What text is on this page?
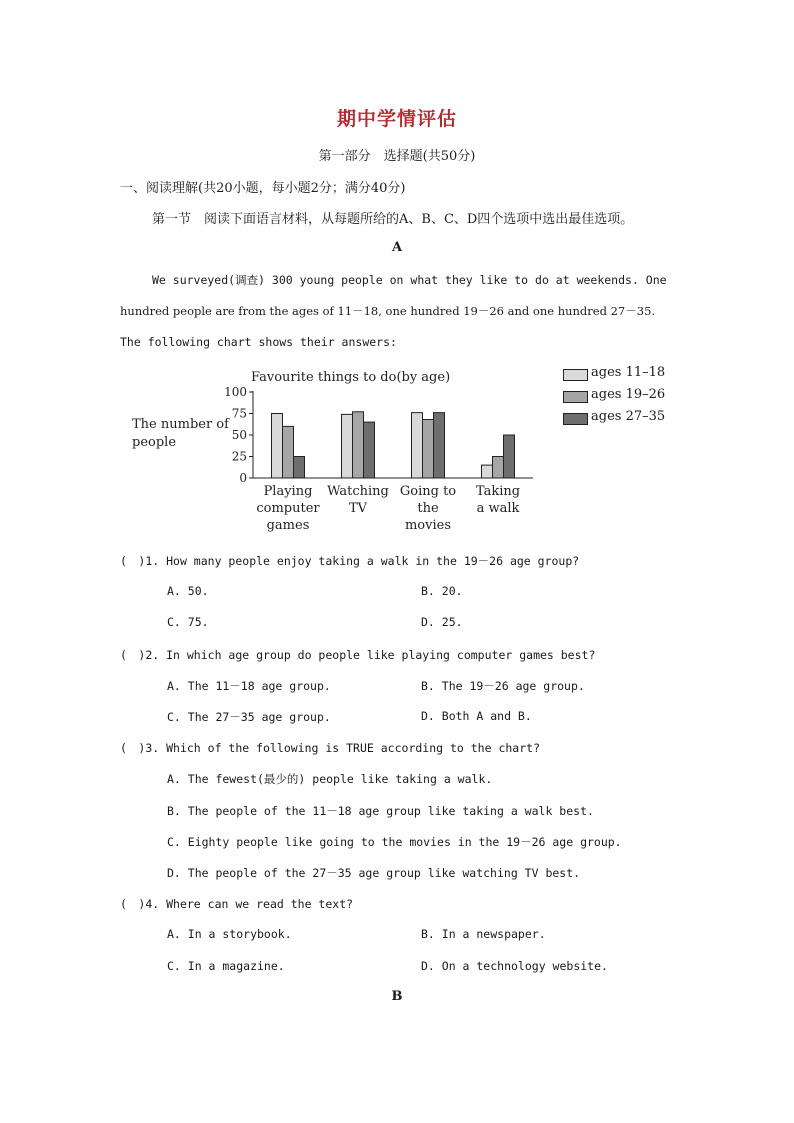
期中学情评估
第一部分　选择题(共50分)
一、阅读理解(共20小题，每小题2分；满分40分)
第一节　阅读下面语言材料，从每题所给的A、B、C、D四个选项中选出最佳选项。
A
We surveyed(调查) 300 young people on what they like to do at weekends. One
hundred people are from the ages of 11－18, one hundred 19－26 and one hundred 27－35.
The following chart shows their answers:
Favourite things to do(by age)
The number of
people
100
75
50
25
0
Playing
computer
games
Watching
TV
Going to
the
movies
Taking
a walk
ages 11–18
ages 19–26
ages 27–35
(　)1. How many people enjoy taking a walk in the 19－26 age group?
A. 50.	B. 20.
C. 75.	D. 25.
(　)2. In which age group do people like playing computer games best?
A. The 11－18 age group.	B. The 19－26 age group.
C. The 27－35 age group.	D. Both A and B.
(　)3. Which of the following is TRUE according to the chart?
A. The fewest(最少的) people like taking a walk.
B. The people of the 11－18 age group like taking a walk best.
C. Eighty people like going to the movies in the 19－26 age group.
D. The people of the 27－35 age group like watching TV best.
(　)4. Where can we read the text?
A. In a storybook.	B. In a newspaper.
C. In a magazine.	D. On a technology website.
B
